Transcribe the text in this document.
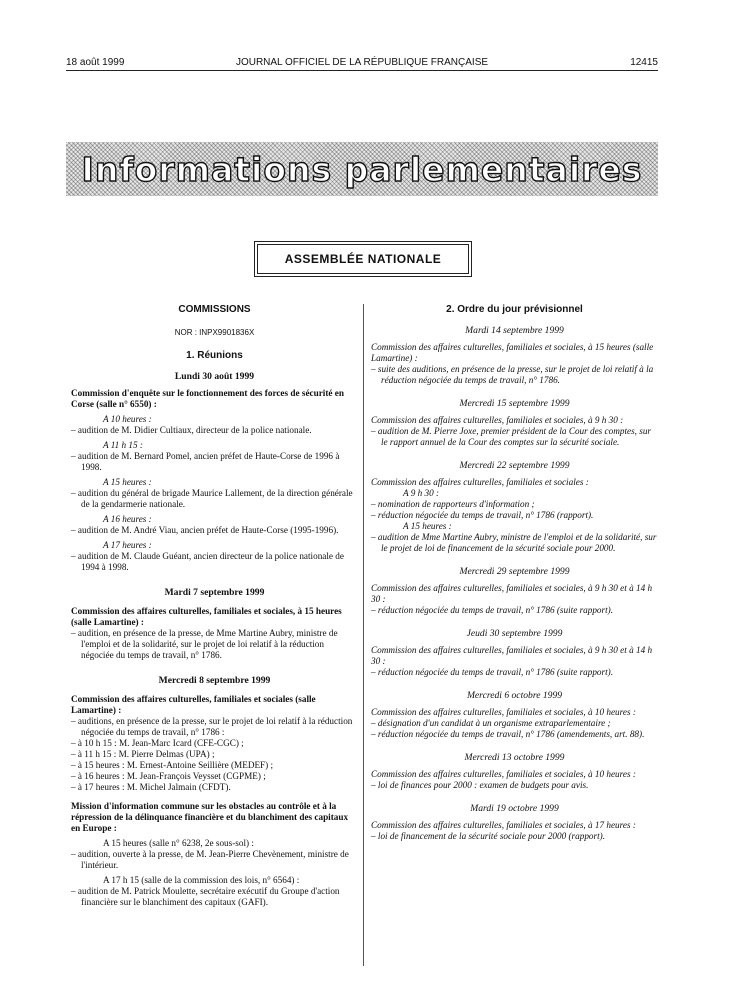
18 août 1999	JOURNAL OFFICIEL DE LA RÉPUBLIQUE FRANÇAISE	12415
Informations parlementaires
ASSEMBLÉE NATIONALE

COMMISSIONS

NOR : INPX9901836X

1. Réunions

Lundi 30 août 1999

Commission d'enquête sur le fonctionnement des forces de sécurité en Corse (salle n° 6550) :

A 10 heures :

– audition de M. Didier Cultiaux, directeur de la police nationale.

A 11 h 15 :

– audition de M. Bernard Pomel, ancien préfet de Haute-Corse de 1996 à 1998.

A 15 heures :

– audition du général de brigade Maurice Lallement, de la direction générale de la gendarmerie nationale.

A 16 heures :

– audition de M. André Viau, ancien préfet de Haute-Corse (1995-1996).

A 17 heures :

– audition de M. Claude Guéant, ancien directeur de la police nationale de 1994 à 1998.

Mardi 7 septembre 1999

Commission des affaires culturelles, familiales et sociales, à 15 heures (salle Lamartine) :

– audition, en présence de la presse, de Mme Martine Aubry, ministre de l'emploi et de la solidarité, sur le projet de loi relatif à la réduction négociée du temps de travail, n° 1786.

Mercredi 8 septembre 1999

Commission des affaires culturelles, familiales et sociales (salle Lamartine) :

– auditions, en présence de la presse, sur le projet de loi relatif à la réduction négociée du temps de travail, n° 1786 :

– à 10 h 15 : M. Jean-Marc Icard (CFE-CGC) ;

– à 11 h 15 : M. Pierre Delmas (UPA) ;

– à 15 heures : M. Ernest-Antoine Seillière (MEDEF) ;

– à 16 heures : M. Jean-François Veysset (CGPME) ;

– à 17 heures : M. Michel Jalmain (CFDT).

Mission d'information commune sur les obstacles au contrôle et à la répression de la délinquance financière et du blanchiment des capitaux en Europe :

A 15 heures (salle n° 6238, 2e sous-sol) :

– audition, ouverte à la presse, de M. Jean-Pierre Chevènement, ministre de l'intérieur.

A 17 h 15 (salle de la commission des lois, n° 6564) :

– audition de M. Patrick Moulette, secrétaire exécutif du Groupe d'action financière sur le blanchiment des capitaux (GAFI).

2. Ordre du jour prévisionnel

Mardi 14 septembre 1999

Commission des affaires culturelles, familiales et sociales, à 15 heures (salle Lamartine) :

– suite des auditions, en présence de la presse, sur le projet de loi relatif à la réduction négociée du temps de travail, n° 1786.

Mercredi 15 septembre 1999

Commission des affaires culturelles, familiales et sociales, à 9 h 30 :

– audition de M. Pierre Joxe, premier président de la Cour des comptes, sur le rapport annuel de la Cour des comptes sur la sécurité sociale.

Mercredi 22 septembre 1999

Commission des affaires culturelles, familiales et sociales :

A 9 h 30 :

– nomination de rapporteurs d'information ;

– réduction négociée du temps de travail, n° 1786 (rapport).

A 15 heures :

– audition de Mme Martine Aubry, ministre de l'emploi et de la solidarité, sur le projet de loi de financement de la sécurité sociale pour 2000.

Mercredi 29 septembre 1999

Commission des affaires culturelles, familiales et sociales, à 9 h 30 et à 14 h 30 :

– réduction négociée du temps de travail, n° 1786 (suite rapport).

Jeudi 30 septembre 1999

Commission des affaires culturelles, familiales et sociales, à 9 h 30 et à 14 h 30 :

– réduction négociée du temps de travail, n° 1786 (suite rapport).

Mercredi 6 octobre 1999

Commission des affaires culturelles, familiales et sociales, à 10 heures :

– désignation d'un candidat à un organisme extraparlementaire ;

– réduction négociée du temps de travail, n° 1786 (amendements, art. 88).

Mercredi 13 octobre 1999

Commission des affaires culturelles, familiales et sociales, à 10 heures :

– loi de finances pour 2000 : examen de budgets pour avis.

Mardi 19 octobre 1999

Commission des affaires culturelles, familiales et sociales, à 17 heures :

– loi de financement de la sécurité sociale pour 2000 (rapport).
